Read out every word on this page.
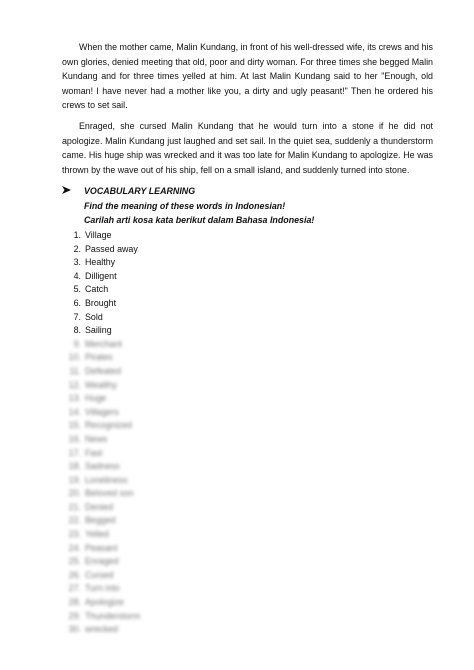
When the mother came, Malin Kundang, in front of his well-dressed wife, its crews and his own glories, denied meeting that old, poor and dirty woman. For three times she begged Malin Kundang and for three times yelled at him. At last Malin Kundang said to her "Enough, old woman! I have never had a mother like you, a dirty and ugly peasant!" Then he ordered his crews to set sail.

Enraged, she cursed Malin Kundang that he would turn into a stone if he did not apologize. Malin Kundang just laughed and set sail. In the quiet sea, suddenly a thunderstorm came. His huge ship was wrecked and it was too late for Malin Kundang to apologize. He was thrown by the wave out of his ship, fell on a small island, and suddenly turned into stone.

VOCABULARY LEARNING
Find the meaning of these words in Indonesian!
Carilah arti kosa kata berikut dalam Bahasa Indonesia!
1. Village
2. Passed away
3. Healthy
4. Dilligent
5. Catch
6. Brought
7. Sold
8. Sailing
9. Merchant
10. Pirates
11. Defeated
12. Wealthy
13. Huge
14. Villagers
15. Recognized
16. News
17. Fast
18. Sadness
19. Loneliness
20. Beloved son
21. Denied
22. Begged
23. Yelled
24. Peasant
25. Enraged
26. Cursed
27. Turn into
28. Apologize
29. Thunderstorm
30. wrecked
